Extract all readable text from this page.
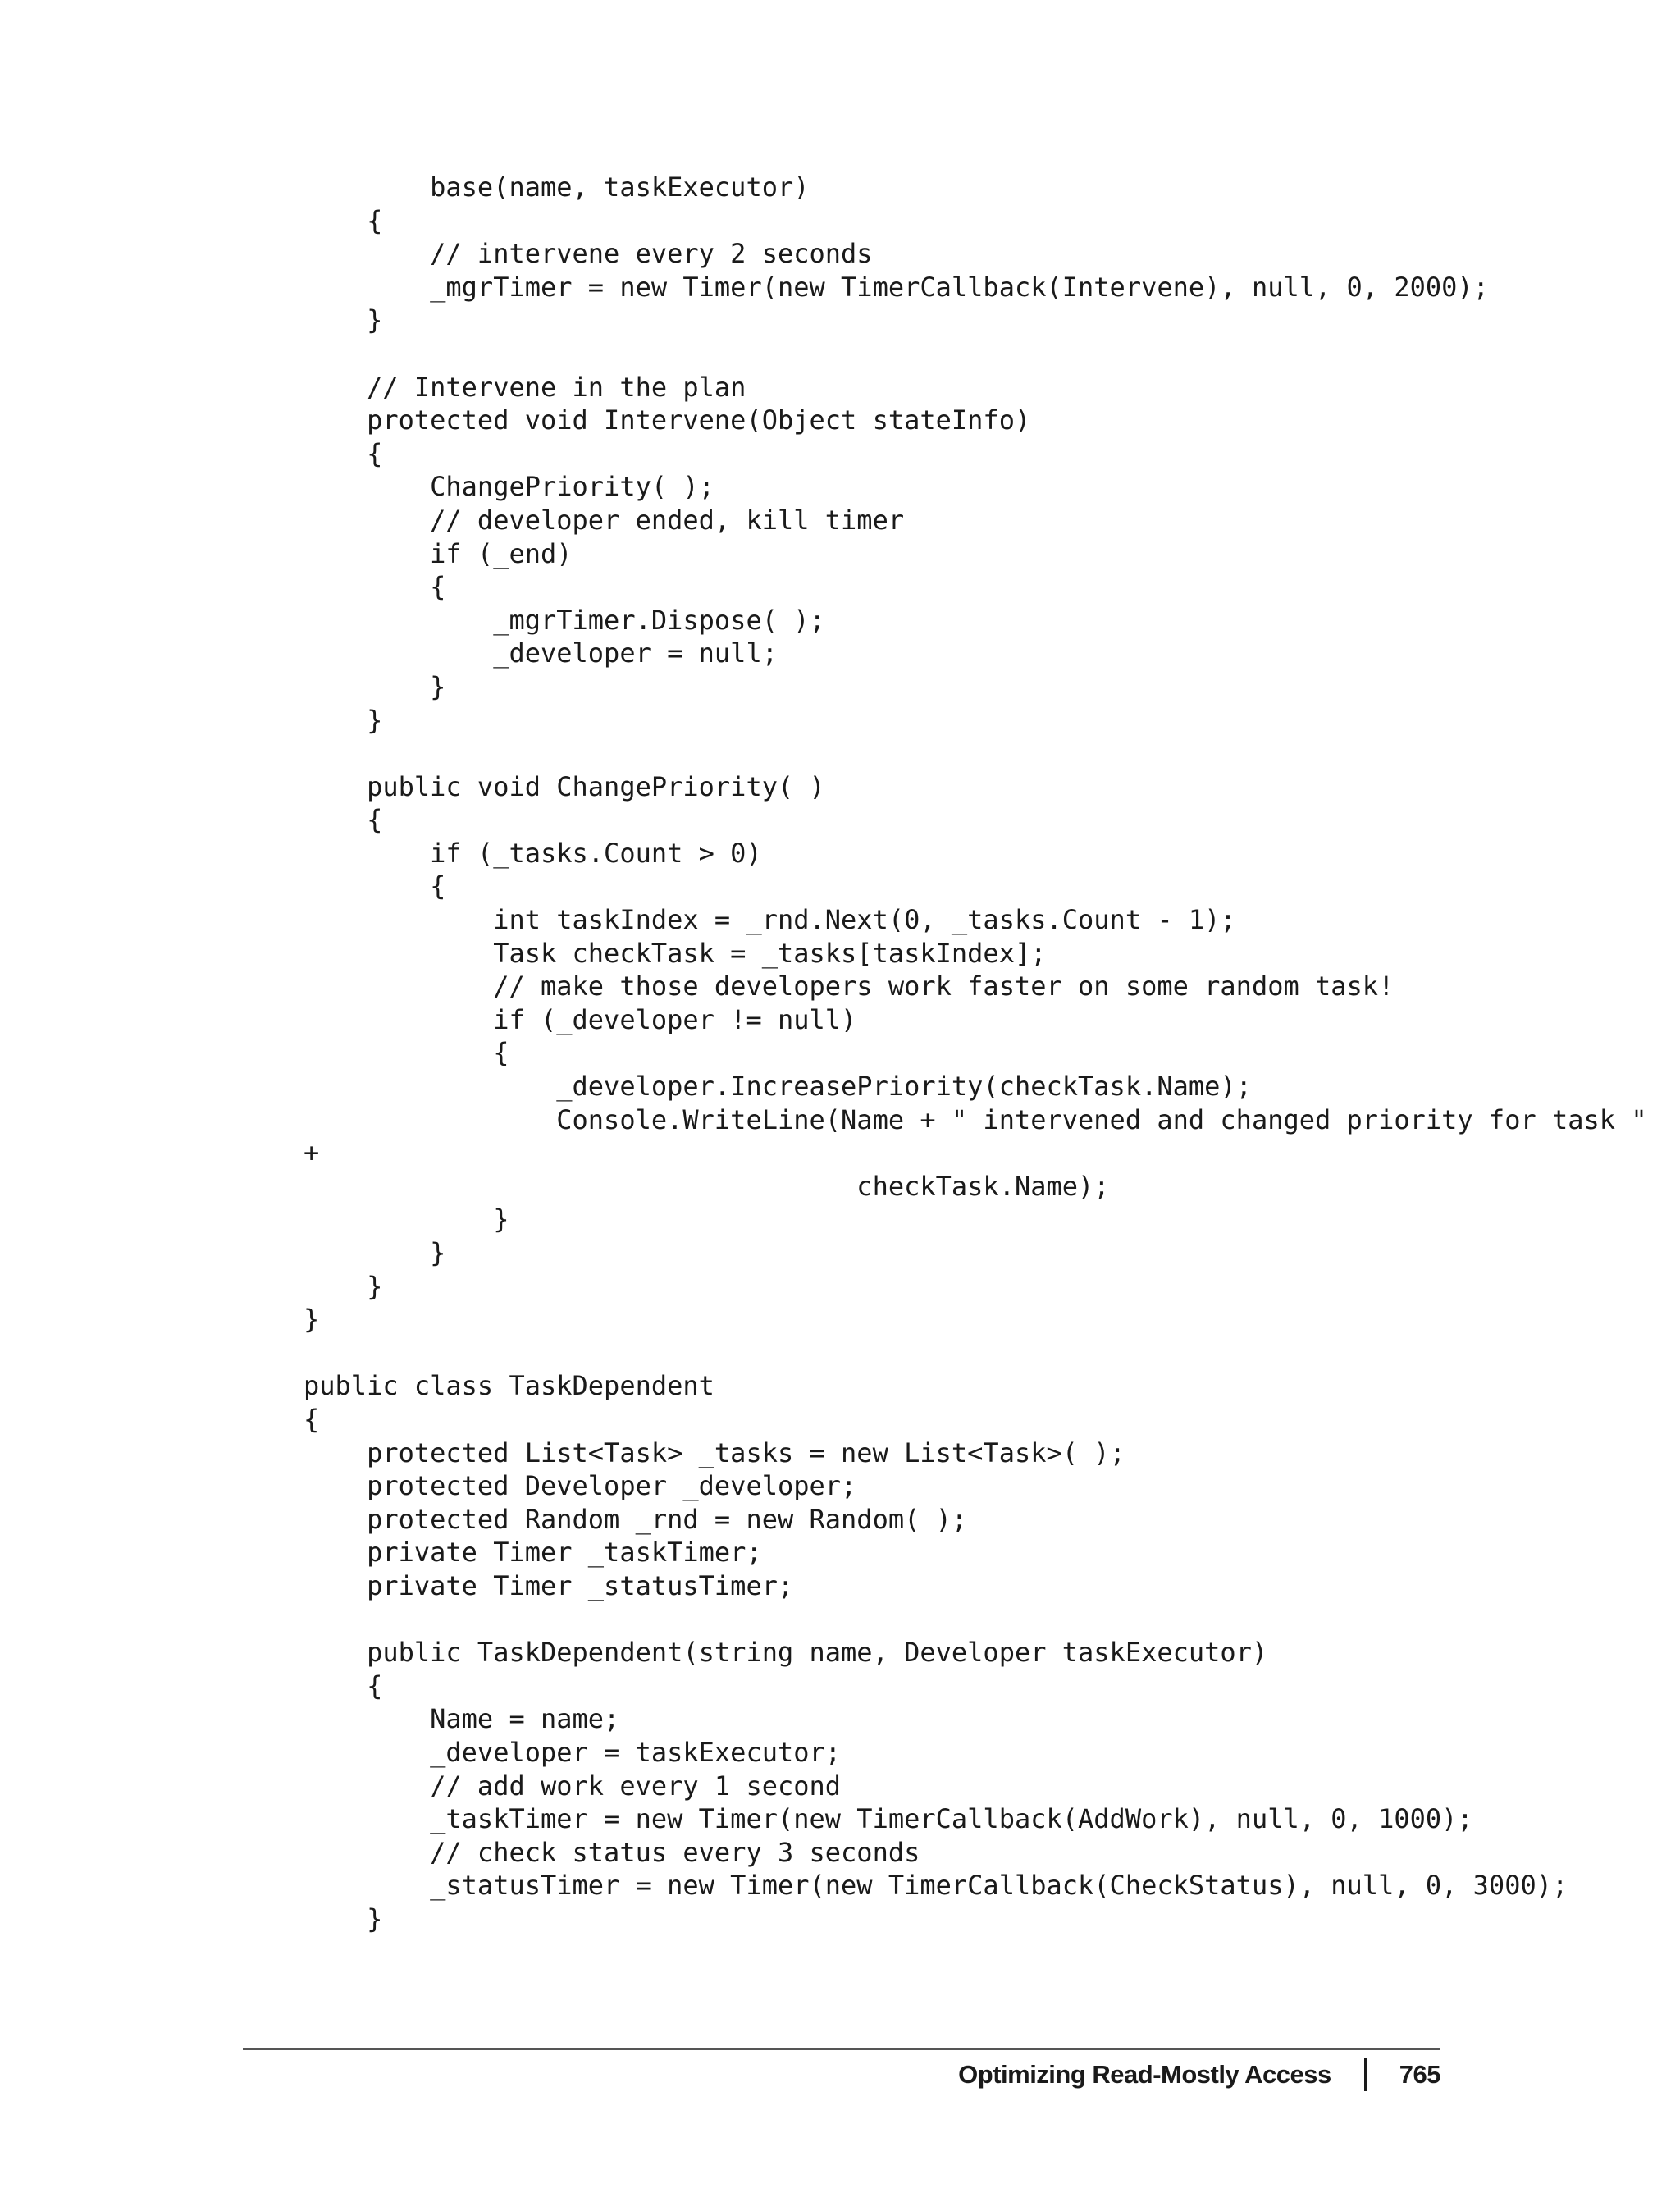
base(name, taskExecutor)
{
// intervene every 2 seconds
_mgrTimer = new Timer(new TimerCallback(Intervene), null, 0, 2000);
}
// Intervene in the plan
protected void Intervene(Object stateInfo)
{
ChangePriority( );
// developer ended, kill timer
if (_end)
{
_mgrTimer.Dispose( );
_developer = null;
}
}
public void ChangePriority( )
{
if (_tasks.Count > 0)
{
int taskIndex = _rnd.Next(0, _tasks.Count - 1);
Task checkTask = _tasks[taskIndex];
// make those developers work faster on some random task!
if (_developer != null)
{
_developer.IncreasePriority(checkTask.Name);
Console.WriteLine(Name + " intervened and changed priority for task "
+
checkTask.Name);
}
}
}
}
public class TaskDependent
{
protected List<Task> _tasks = new List<Task>( );
protected Developer _developer;
protected Random _rnd = new Random( );
private Timer _taskTimer;
private Timer _statusTimer;
public TaskDependent(string name, Developer taskExecutor)
{
Name = name;
_developer = taskExecutor;
// add work every 1 second
_taskTimer = new Timer(new TimerCallback(AddWork), null, 0, 1000);
// check status every 3 seconds
_statusTimer = new Timer(new TimerCallback(CheckStatus), null, 0, 3000);
}
Optimizing Read-Mostly Access	765
